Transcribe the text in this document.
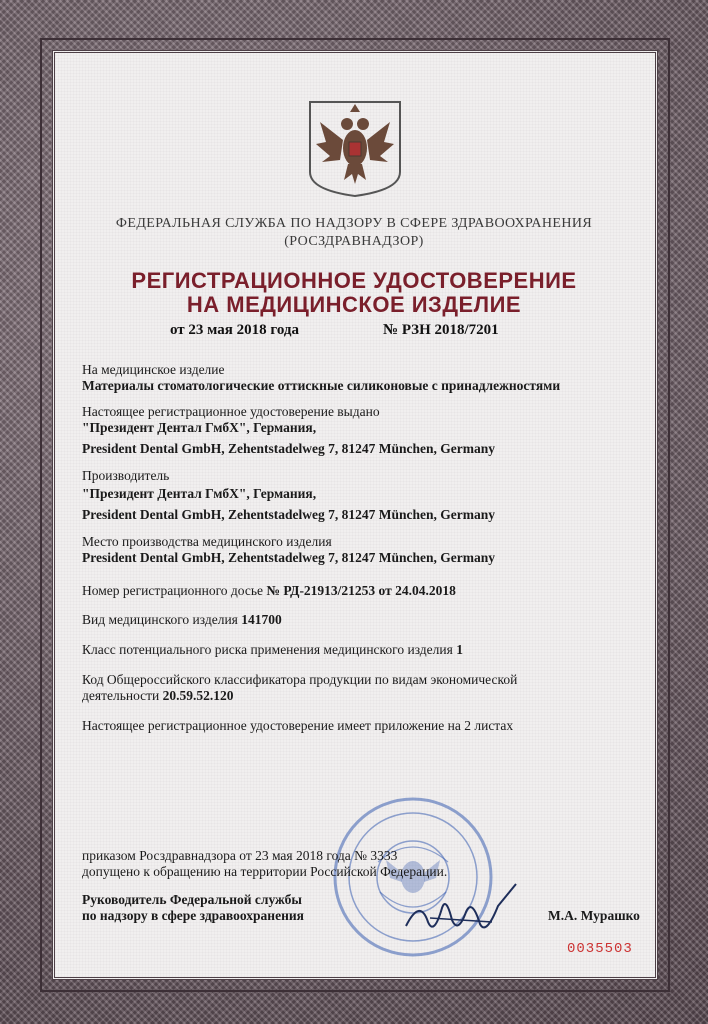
ФЕДЕРАЛЬНАЯ СЛУЖБА ПО НАДЗОРУ В СФЕРЕ ЗДРАВООХРАНЕНИЯ
(РОСЗДРАВНАДЗОР)
РЕГИСТРАЦИОННОЕ УДОСТОВЕРЕНИЕ
НА МЕДИЦИНСКОЕ ИЗДЕЛИЕ
от 23 мая 2018 года	№ РЗН 2018/7201
На медицинское изделие
Материалы стоматологические оттискные силиконовые с принадлежностями
Настоящее регистрационное удостоверение выдано
"Президент Дентал ГмбХ", Германия,
President Dental GmbH, Zehentstadelweg 7, 81247 München, Germany
Производитель
"Президент Дентал ГмбХ", Германия,
President Dental GmbH, Zehentstadelweg 7, 81247 München, Germany
Место производства медицинского изделия
President Dental GmbH, Zehentstadelweg 7, 81247 München, Germany
Номер регистрационного досье № РД-21913/21253 от 24.04.2018
Вид медицинского изделия 141700
Класс потенциального риска применения медицинского изделия 1
Код Общероссийского классификатора продукции по видам экономической
деятельности 20.59.52.120
Настоящее регистрационное удостоверение имеет приложение на 2 листах
приказом Росздравнадзора от 23 мая 2018 года № 3333
допущено к обращению на территории Российской Федерации.
Руководитель Федеральной службы
по надзору в сфере здравоохранения	М.А. Мурашко
0035503
